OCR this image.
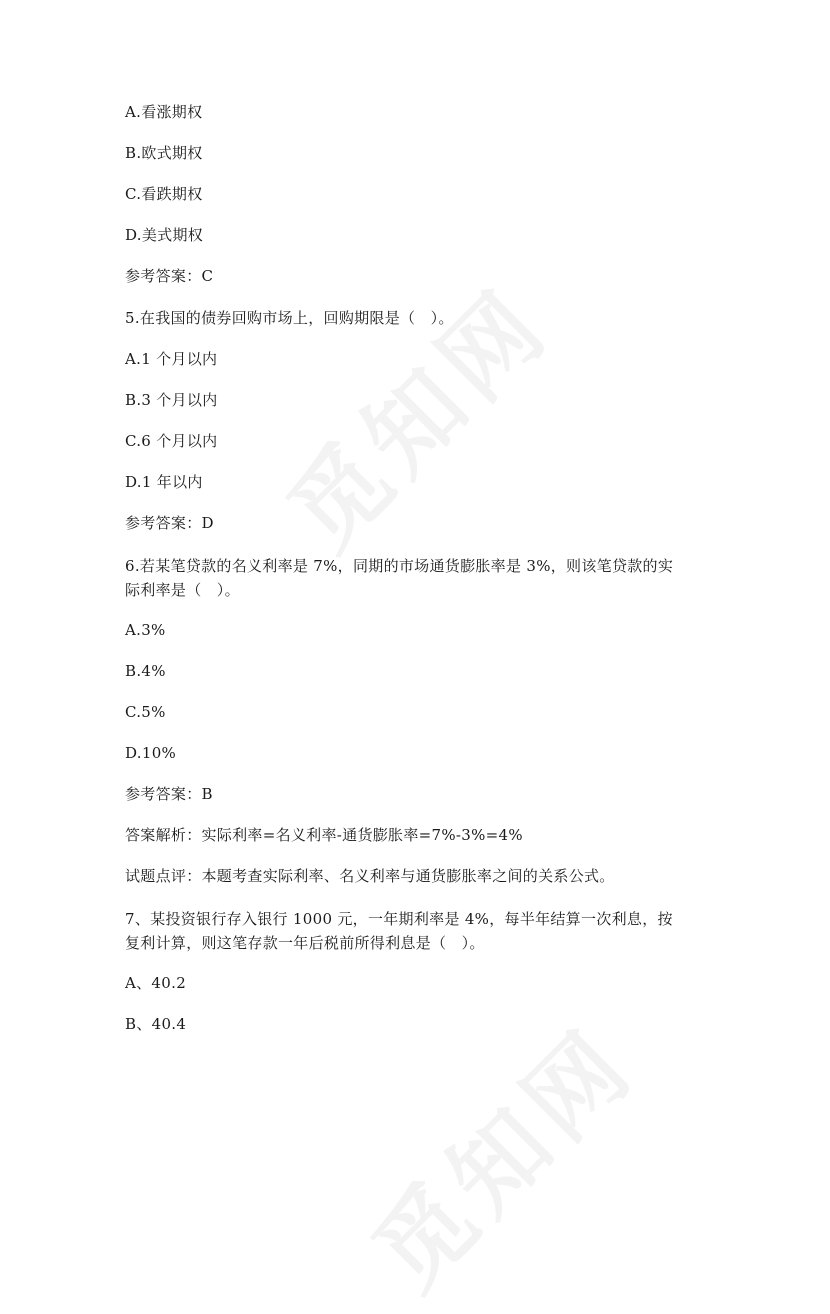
A.看涨期权
B.欧式期权
C.看跌期权
D.美式期权
参考答案：C
5.在我国的债券回购市场上，回购期限是（　）。
A.1 个月以内
B.3 个月以内
C.6 个月以内
D.1 年以内
参考答案：D
6.若某笔贷款的名义利率是 7%，同期的市场通货膨胀率是 3%，则该笔贷款的实
际利率是（　）。
A.3%
B.4%
C.5%
D.10%
参考答案：B
答案解析：实际利率=名义利率-通货膨胀率=7%-3%=4%
试题点评：本题考查实际利率、名义利率与通货膨胀率之间的关系公式。
7、某投资银行存入银行 1000 元，一年期利率是 4%，每半年结算一次利息，按
复利计算，则这笔存款一年后税前所得利息是（　）。
A、40.2
B、40.4
